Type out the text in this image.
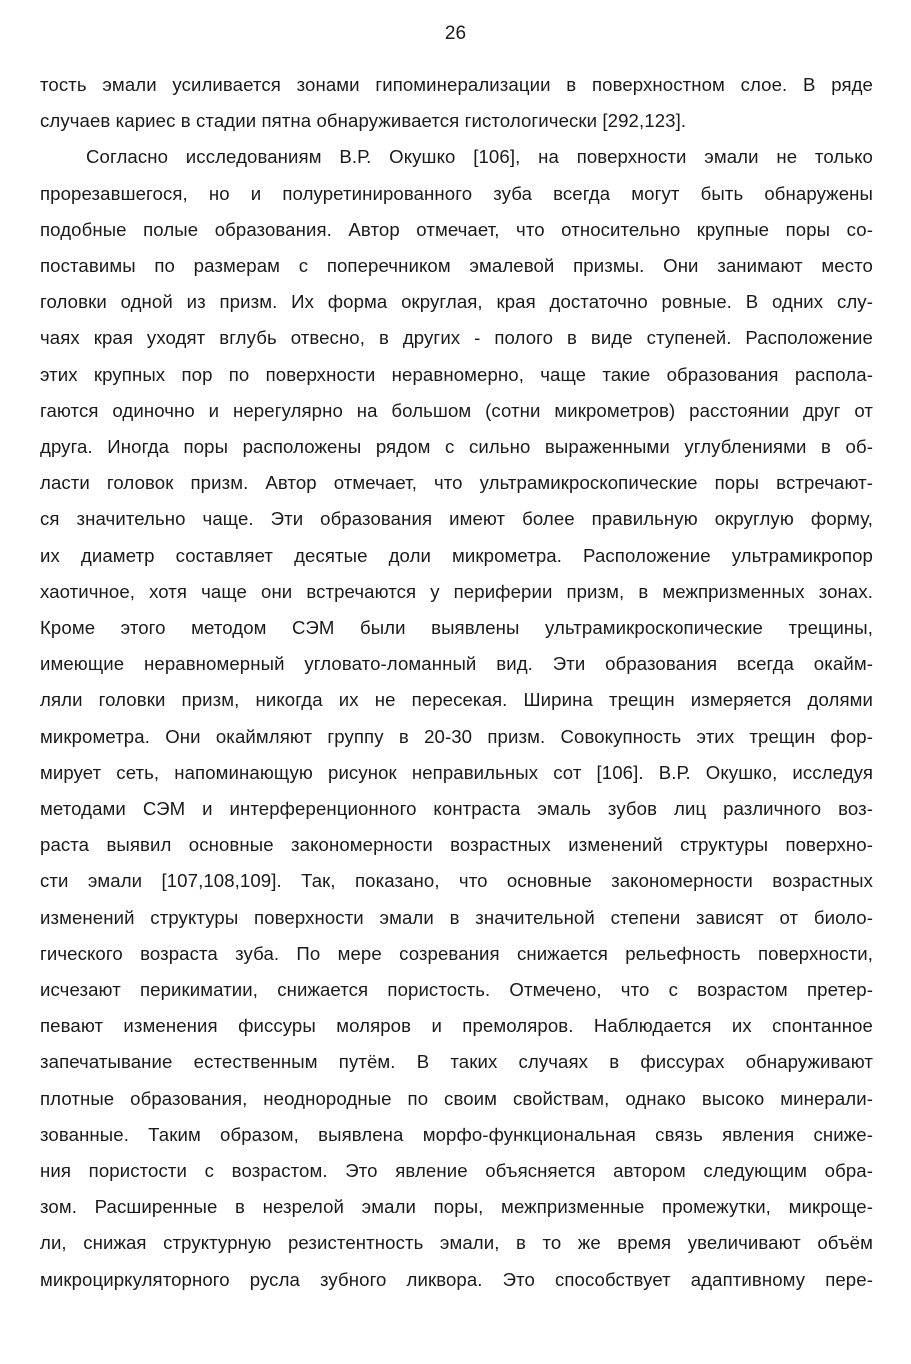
26
тость эмали усиливается зонами гипоминерализации в поверхностном слое. В ряде
случаев кариес в стадии пятна обнаруживается гистологически [292,123].
Согласно исследованиям В.Р. Окушко [106], на поверхности эмали не только
прорезавшегося, но и полуретинированного зуба всегда могут быть обнаружены
подобные полые образования. Автор отмечает, что относительно крупные поры со-
поставимы по размерам с поперечником эмалевой призмы. Они занимают место
головки одной из призм. Их форма округлая, края достаточно ровные. В одних слу-
чаях края уходят вглубь отвесно, в других - полого в виде ступеней. Расположение
этих крупных пор по поверхности неравномерно, чаще такие образования распола-
гаются одиночно и нерегулярно на большом (сотни микрометров) расстоянии друг от
друга. Иногда поры расположены рядом с сильно выраженными углублениями в об-
ласти головок призм. Автор отмечает, что ультрамикроскопические поры встречают-
ся значительно чаще. Эти образования имеют более правильную округлую форму,
их диаметр составляет десятые доли микрометра. Расположение ультрамикропор
хаотичное, хотя чаще они встречаются у периферии призм, в межпризменных зонах.
Кроме этого методом СЭМ были выявлены ультрамикроскопические трещины,
имеющие неравномерный угловато-ломанный вид. Эти образования всегда окайм-
ляли головки призм, никогда их не пересекая. Ширина трещин измеряется долями
микрометра. Они окаймляют группу в 20-30 призм. Совокупность этих трещин фор-
мирует сеть, напоминающую рисунок неправильных сот [106]. В.Р. Окушко, исследуя
методами СЭМ и интерференционного контраста эмаль зубов лиц различного воз-
раста выявил основные закономерности возрастных изменений структуры поверхно-
сти эмали [107,108,109]. Так, показано, что основные закономерности возрастных
изменений структуры поверхности эмали в значительной степени зависят от биоло-
гического возраста зуба. По мере созревания снижается рельефность поверхности,
исчезают перикиматии, снижается пористость. Отмечено, что с возрастом претер-
певают изменения фиссуры моляров и премоляров. Наблюдается их спонтанное
запечатывание естественным путём. В таких случаях в фиссурах обнаруживают
плотные образования, неоднородные по своим свойствам, однако высоко минерали-
зованные. Таким образом, выявлена морфо-функциональная связь явления сниже-
ния пористости с возрастом. Это явление объясняется автором следующим обра-
зом. Расширенные в незрелой эмали поры, межпризменные промежутки, микроще-
ли, снижая структурную резистентность эмали, в то же время увеличивают объём
микроциркуляторного русла зубного ликвора. Это способствует адаптивному пере-
